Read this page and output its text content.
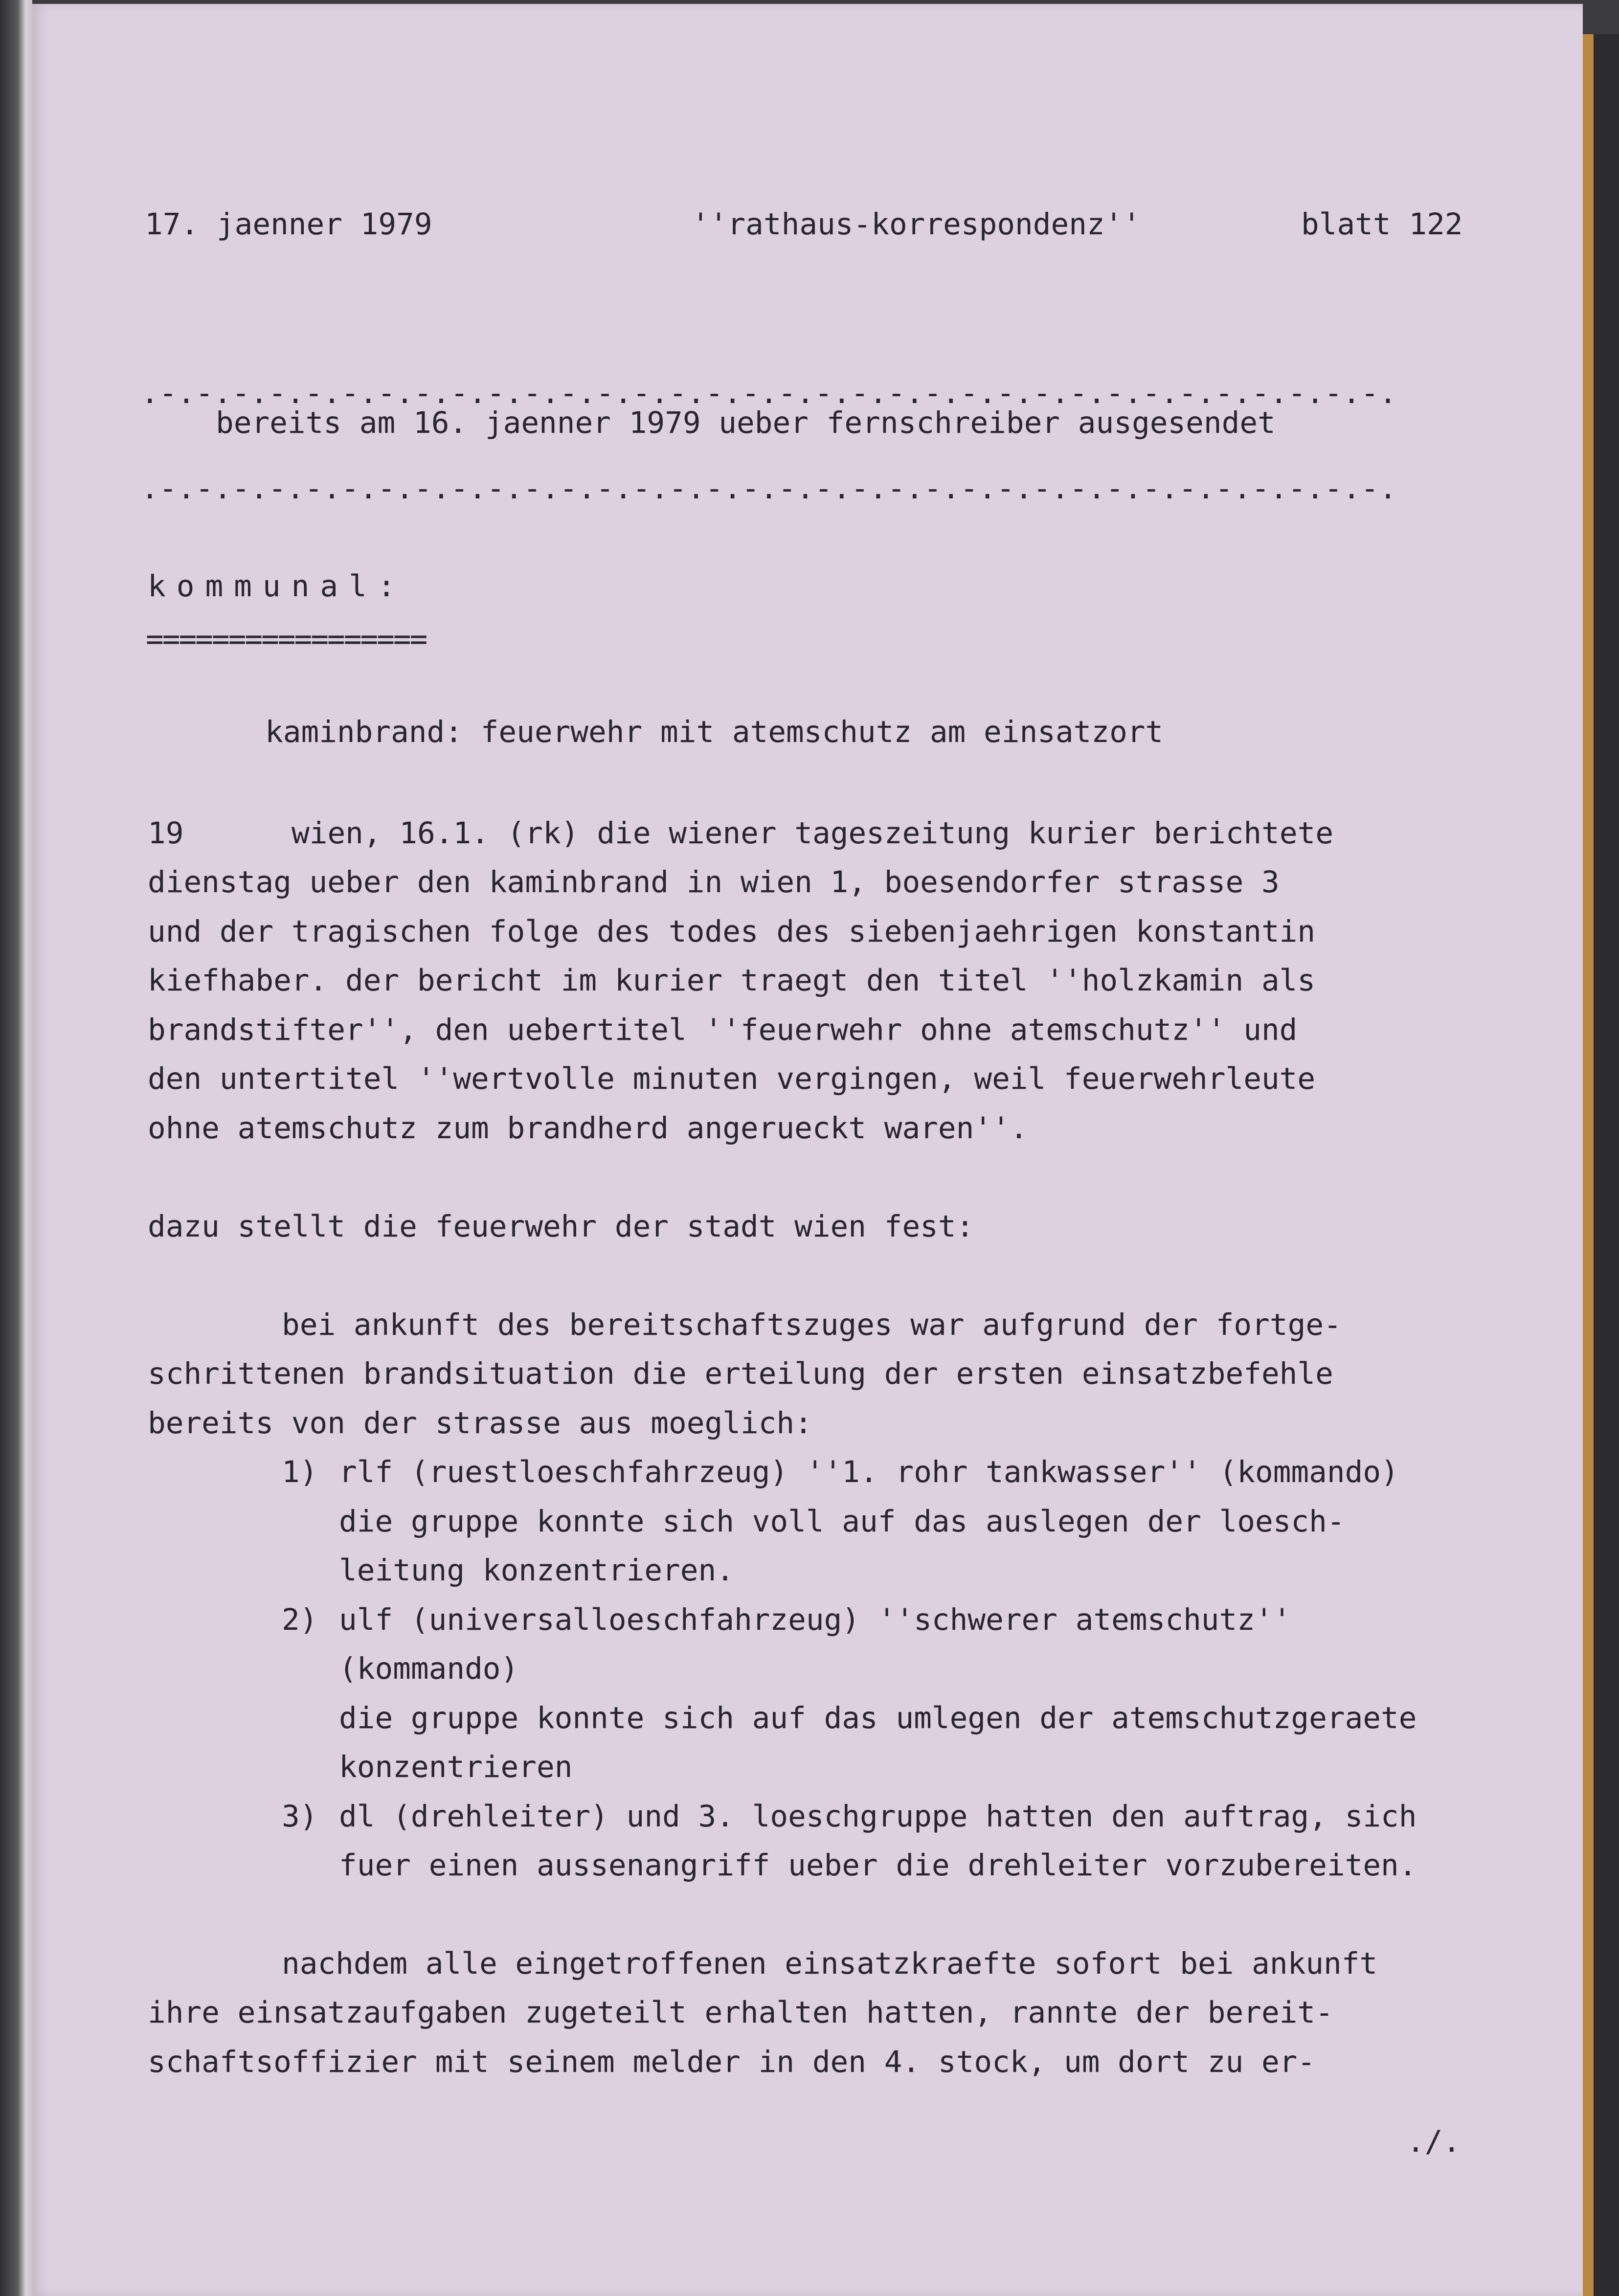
17. jaenner 1979	''rathaus-korrespondenz''	blatt 122
.-.-.-.-.-.-.-.-.-.-.-.-.-.-.-.-.-.-.-.-.-.-.-.-.-.-.-.-.-.-.-.-.-.-.
bereits am 16. jaenner 1979 ueber fernschreiber ausgesendet
.-.-.-.-.-.-.-.-.-.-.-.-.-.-.-.-.-.-.-.-.-.-.-.-.-.-.-.-.-.-.-.-.-.-.
kommunal:
=================
kaminbrand: feuerwehr mit atemschutz am einsatzort
19	wien, 16.1. (rk) die wiener tageszeitung kurier berichtete
dienstag ueber den kaminbrand in wien 1, boesendorfer strasse 3
und der tragischen folge des todes des siebenjaehrigen konstantin
kiefhaber. der bericht im kurier traegt den titel ''holzkamin als
brandstifter'', den uebertitel ''feuerwehr ohne atemschutz'' und
den untertitel ''wertvolle minuten vergingen, weil feuerwehrleute
ohne atemschutz zum brandherd angerueckt waren''.
dazu stellt die feuerwehr der stadt wien fest:
bei ankunft des bereitschaftszuges war aufgrund der fortge-
schrittenen brandsituation die erteilung der ersten einsatzbefehle
bereits von der strasse aus moeglich:
1) rlf (ruestloeschfahrzeug) ''1. rohr tankwasser'' (kommando)
die gruppe konnte sich voll auf das auslegen der loesch-
leitung konzentrieren.
2) ulf (universalloeschfahrzeug) ''schwerer atemschutz''
(kommando)
die gruppe konnte sich auf das umlegen der atemschutzgeraete
konzentrieren
3) dl (drehleiter) und 3. loeschgruppe hatten den auftrag, sich
fuer einen aussenangriff ueber die drehleiter vorzubereiten.
nachdem alle eingetroffenen einsatzkraefte sofort bei ankunft
ihre einsatzaufgaben zugeteilt erhalten hatten, rannte der bereit-
schaftsoffizier mit seinem melder in den 4. stock, um dort zu er-
./.
